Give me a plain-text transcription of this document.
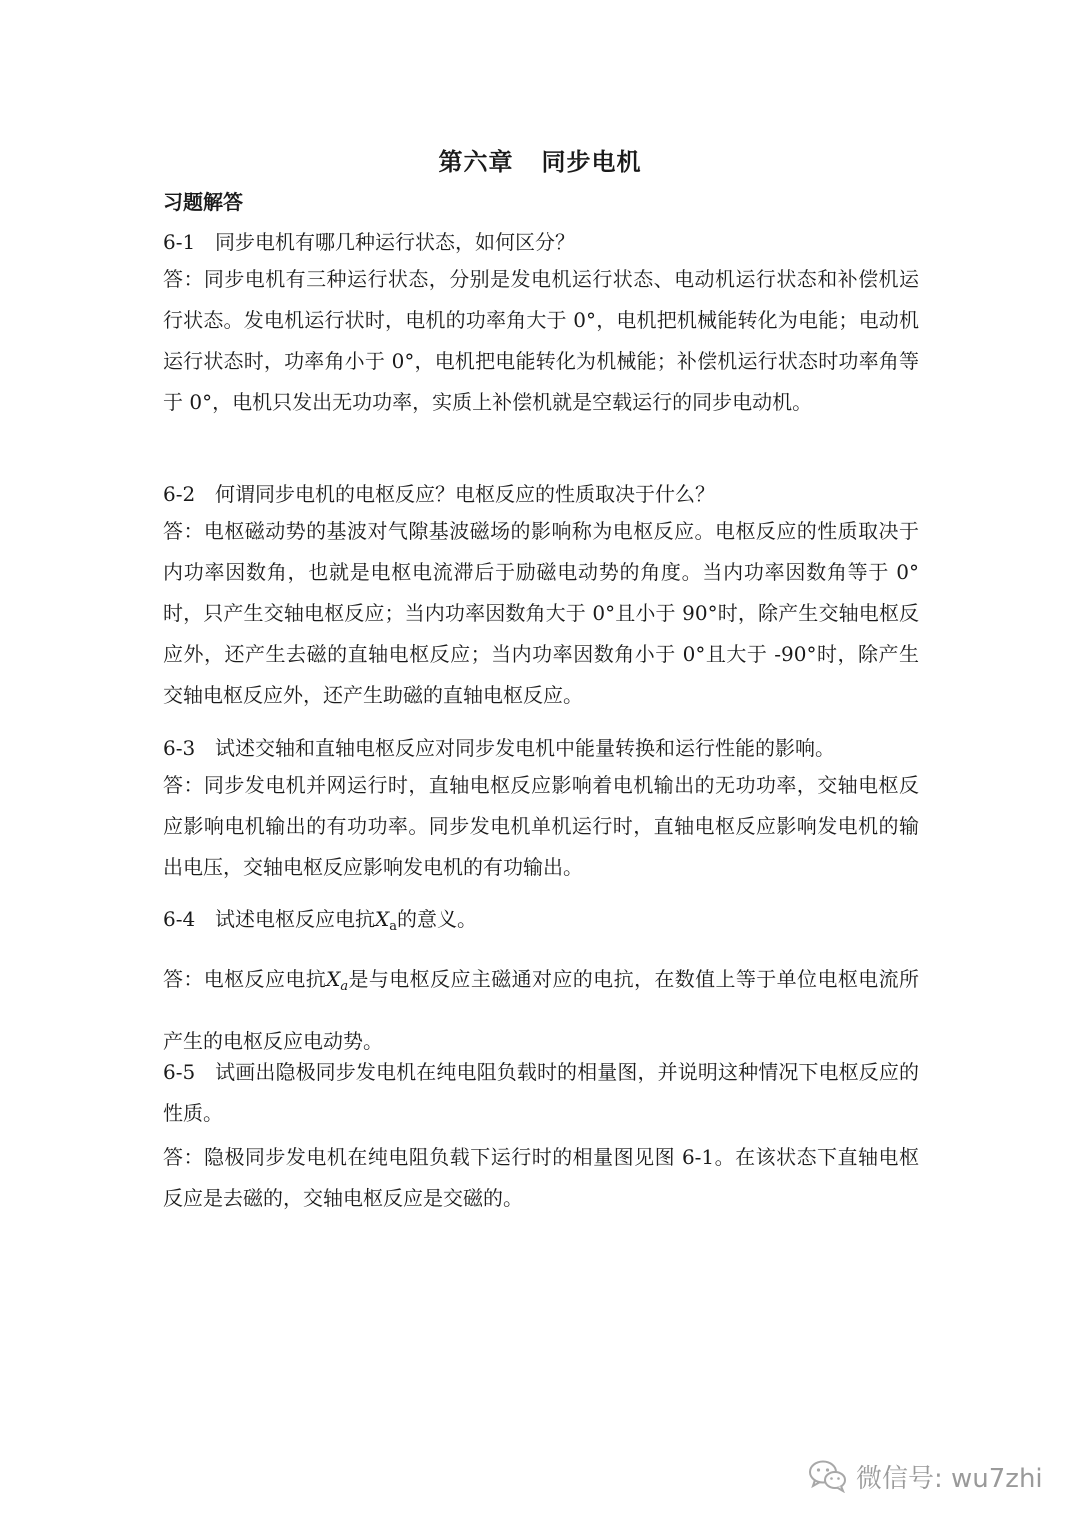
第六章 同步电机
习题解答
6-1 同步电机有哪几种运行状态，如何区分？
答：同步电机有三种运行状态，分别是发电机运行状态、电动机运行状态和补偿机运行状态。发电机运行状时，电机的功率角大于 0°，电机把机械能转化为电能；电动机运行状态时，功率角小于 0°，电机把电能转化为机械能；补偿机运行状态时功率角等于 0°，电机只发出无功功率，实质上补偿机就是空载运行的同步电动机。
6-2 何谓同步电机的电枢反应？电枢反应的性质取决于什么？
答：电枢磁动势的基波对气隙基波磁场的影响称为电枢反应。电枢反应的性质取决于内功率因数角，也就是电枢电流滞后于励磁电动势的角度。当内功率因数角等于 0°时，只产生交轴电枢反应；当内功率因数角大于 0°且小于 90°时，除产生交轴电枢反应外，还产生去磁的直轴电枢反应；当内功率因数角小于 0°且大于 -90°时，除产生交轴电枢反应外，还产生助磁的直轴电枢反应。
6-3 试述交轴和直轴电枢反应对同步发电机中能量转换和运行性能的影响。
答：同步发电机并网运行时，直轴电枢反应影响着电机输出的无功功率，交轴电枢反应影响电机输出的有功功率。同步发电机单机运行时，直轴电枢反应影响发电机的输出电压，交轴电枢反应影响发电机的有功输出。
6-4 试述电枢反应电抗$X_a$的意义。
答：电枢反应电抗$X_a$是与电枢反应主磁通对应的电抗，在数值上等于单位电枢电流所产生的电枢反应电动势。
6-5 试画出隐极同步发电机在纯电阻负载时的相量图，并说明这种情况下电枢反应的性质。
答：隐极同步发电机在纯电阻负载下运行时的相量图见图 6-1。在该状态下直轴电枢反应是去磁的，交轴电枢反应是交磁的。
微信号: wu7zhi
